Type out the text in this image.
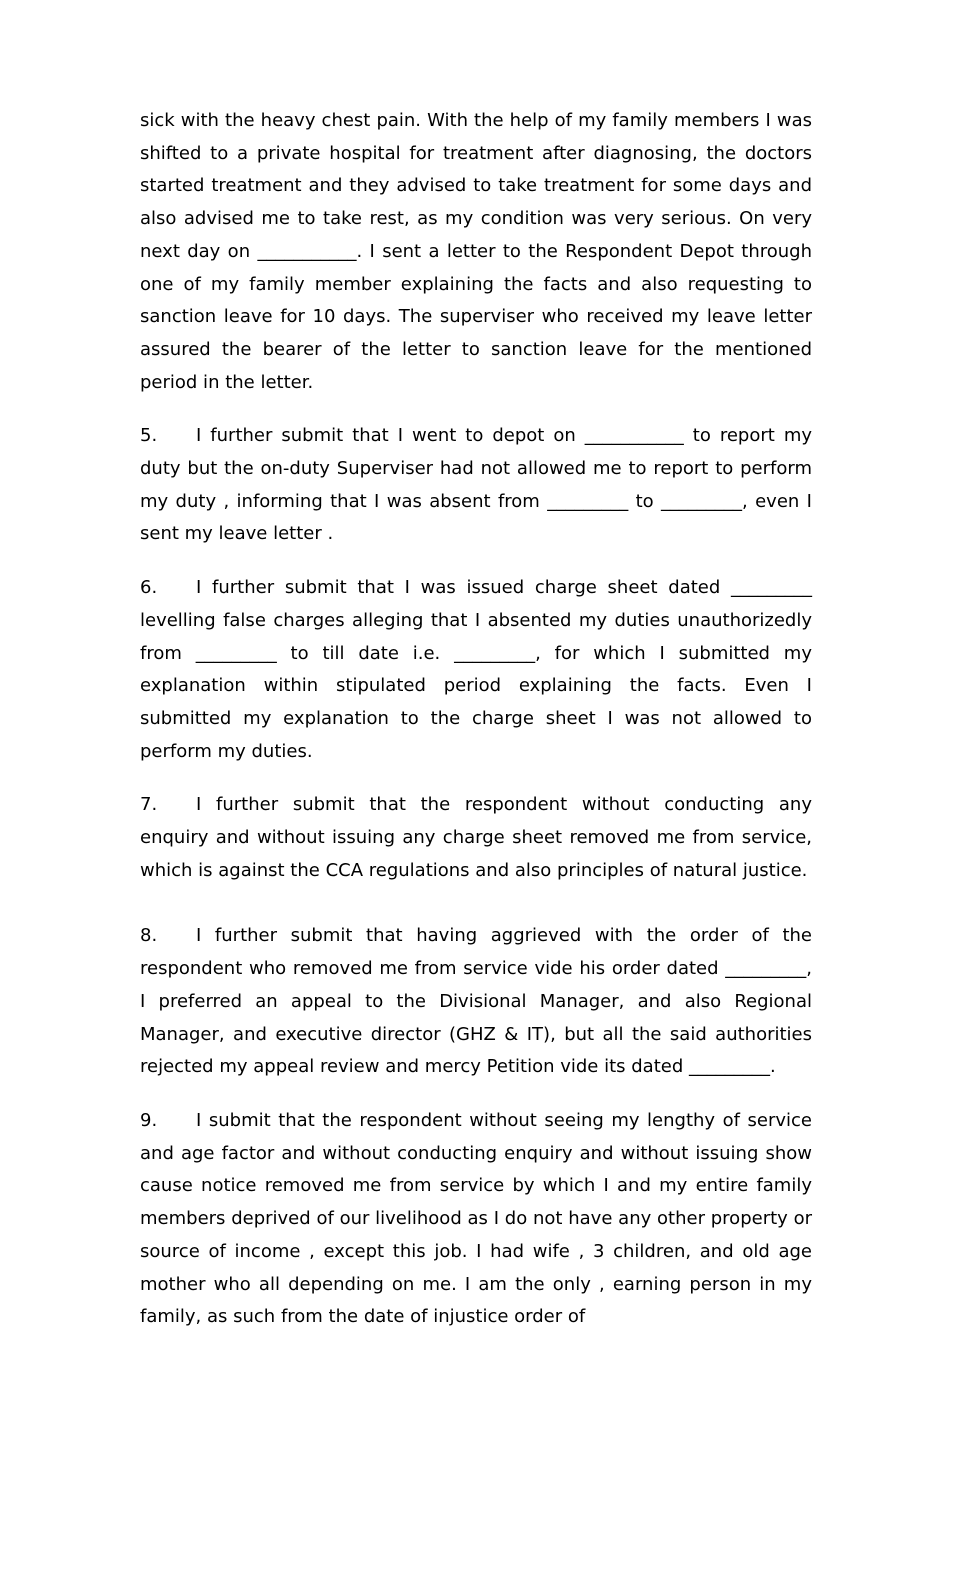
sick with the heavy chest pain. With the help of my family members I was shifted to a private hospital for treatment after diagnosing, the doctors started treatment and they advised to take treatment for some days and also advised me to take rest, as my condition was very serious. On very next day on ___________. I sent a letter to the Respondent Depot through one of my family member explaining the facts and also requesting to sanction leave for 10 days. The superviser who received my leave letter assured the bearer of the letter to sanction leave for the mentioned period in the letter.

5. I further submit that I went to depot on ___________ to report my duty but the on-duty Superviser had not allowed me to report to perform my duty , informing that I was absent from _________ to _________, even I sent my leave letter .

6. I further submit that I was issued charge sheet dated _________ levelling false charges alleging that I absented my duties unauthorizedly from _________ to till date i.e. _________, for which I submitted my explanation within stipulated period explaining the facts. Even I submitted my explanation to the charge sheet I was not allowed to perform my duties.

7. I further submit that the respondent without conducting any enquiry and without issuing any charge sheet removed me from service, which is against the CCA regulations and also principles of natural justice.

8. I further submit that having aggrieved with the order of the respondent who removed me from service vide his order dated _________, I preferred an appeal to the Divisional Manager, and also Regional Manager, and executive director (GHZ & IT), but all the said authorities rejected my appeal review and mercy Petition vide its dated _________.

9. I submit that the respondent without seeing my lengthy of service and age factor and without conducting enquiry and without issuing show cause notice removed me from service by which I and my entire family members deprived of our livelihood as I do not have any other property or source of income , except this job. I had wife , 3 children, and old age mother who all depending on me. I am the only , earning person in my family, as such from the date of injustice order of
